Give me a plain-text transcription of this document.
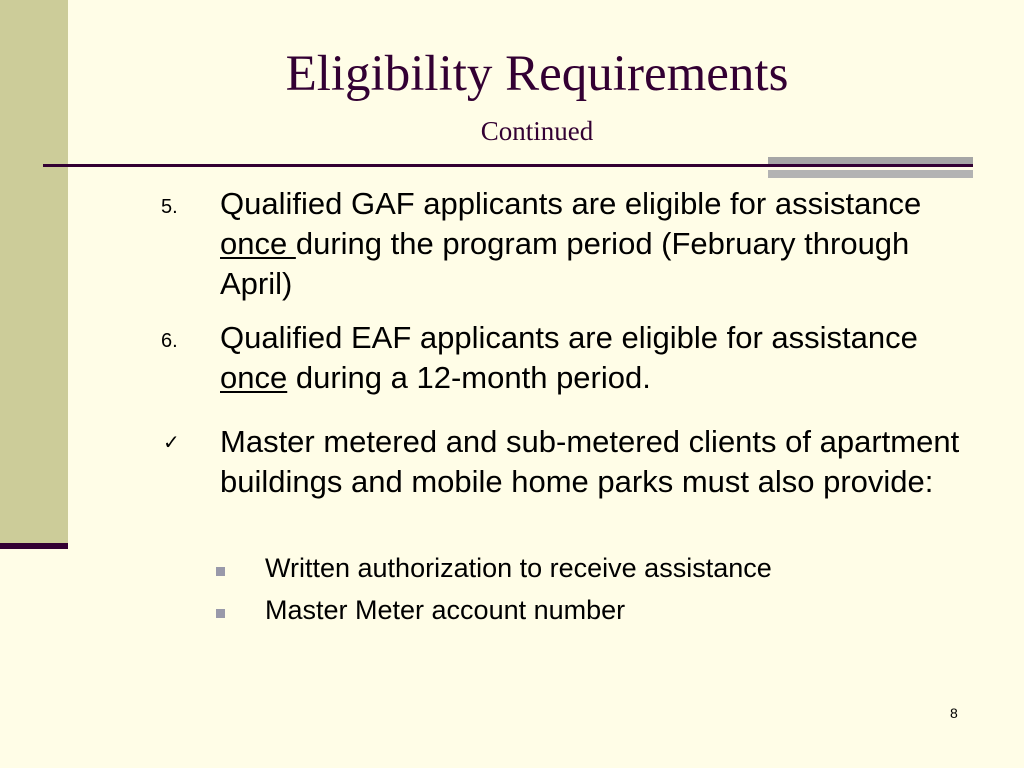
Eligibility Requirements
Continued
5. Qualified GAF applicants are eligible for assistance once during the program period (February through April)
6. Qualified EAF applicants are eligible for assistance once during a 12-month period.
✓ Master metered and sub-metered clients of apartment buildings and mobile home parks must also provide:
Written authorization to receive assistance
Master Meter account number
8
